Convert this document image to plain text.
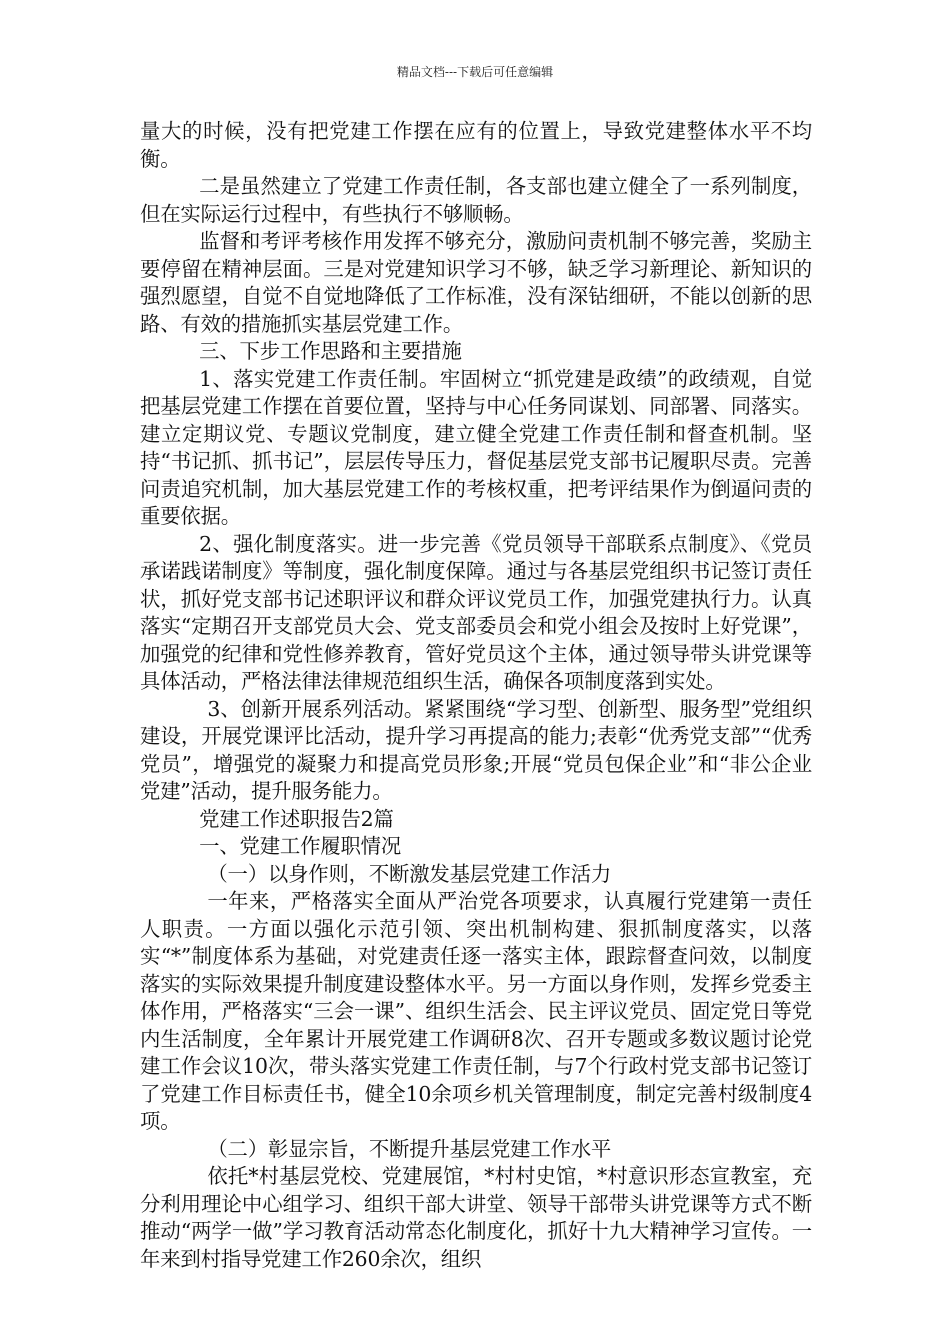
精品文档---下载后可任意编辑

量大的时候，没有把党建工作摆在应有的位置上，导致党建整体水平不均衡。

二是虽然建立了党建工作责任制，各支部也建立健全了一系列制度，但在实际运行过程中，有些执行不够顺畅。

监督和考评考核作用发挥不够充分，激励问责机制不够完善，奖励主要停留在精神层面。三是对党建知识学习不够，缺乏学习新理论、新知识的强烈愿望，自觉不自觉地降低了工作标准，没有深钻细研，不能以创新的思路、有效的措施抓实基层党建工作。

三、下步工作思路和主要措施

1、落实党建工作责任制。牢固树立“抓党建是政绩”的政绩观，自觉把基层党建工作摆在首要位置，坚持与中心任务同谋划、同部署、同落实。建立定期议党、专题议党制度，建立健全党建工作责任制和督查机制。坚持“书记抓、抓书记”，层层传导压力，督促基层党支部书记履职尽责。完善问责追究机制，加大基层党建工作的考核权重，把考评结果作为倒逼问责的重要依据。

2、强化制度落实。进一步完善《党员领导干部联系点制度》、《党员承诺践诺制度》等制度，强化制度保障。通过与各基层党组织书记签订责任状，抓好党支部书记述职评议和群众评议党员工作，加强党建执行力。认真落实“定期召开支部党员大会、党支部委员会和党小组会及按时上好党课”，加强党的纪律和党性修养教育，管好党员这个主体，通过领导带头讲党课等具体活动，严格法律法律规范组织生活，确保各项制度落到实处。

3、创新开展系列活动。紧紧围绕“学习型、创新型、服务型”党组织建设，开展党课评比活动，提升学习再提高的能力;表彰“优秀党支部”“优秀党员”，增强党的凝聚力和提高党员形象;开展“党员包保企业”和“非公企业党建”活动，提升服务能力。

党建工作述职报告2篇

一、党建工作履职情况

（一）以身作则，不断激发基层党建工作活力

一年来，严格落实全面从严治党各项要求，认真履行党建第一责任人职责。一方面以强化示范引领、突出机制构建、狠抓制度落实，以落实“*”制度体系为基础，对党建责任逐一落实主体，跟踪督查问效，以制度落实的实际效果提升制度建设整体水平。另一方面以身作则，发挥乡党委主体作用，严格落实“三会一课”、组织生活会、民主评议党员、固定党日等党内生活制度，全年累计开展党建工作调研8次、召开专题或多数议题讨论党建工作会议10次，带头落实党建工作责任制，与7个行政村党支部书记签订了党建工作目标责任书，健全10余项乡机关管理制度，制定完善村级制度4项。

（二）彰显宗旨，不断提升基层党建工作水平

依托*村基层党校、党建展馆，*村村史馆，*村意识形态宣教室，充分利用理论中心组学习、组织干部大讲堂、领导干部带头讲党课等方式不断推动“两学一做”学习教育活动常态化制度化，抓好十九大精神学习宣传。一年来到村指导党建工作260余次，组织
